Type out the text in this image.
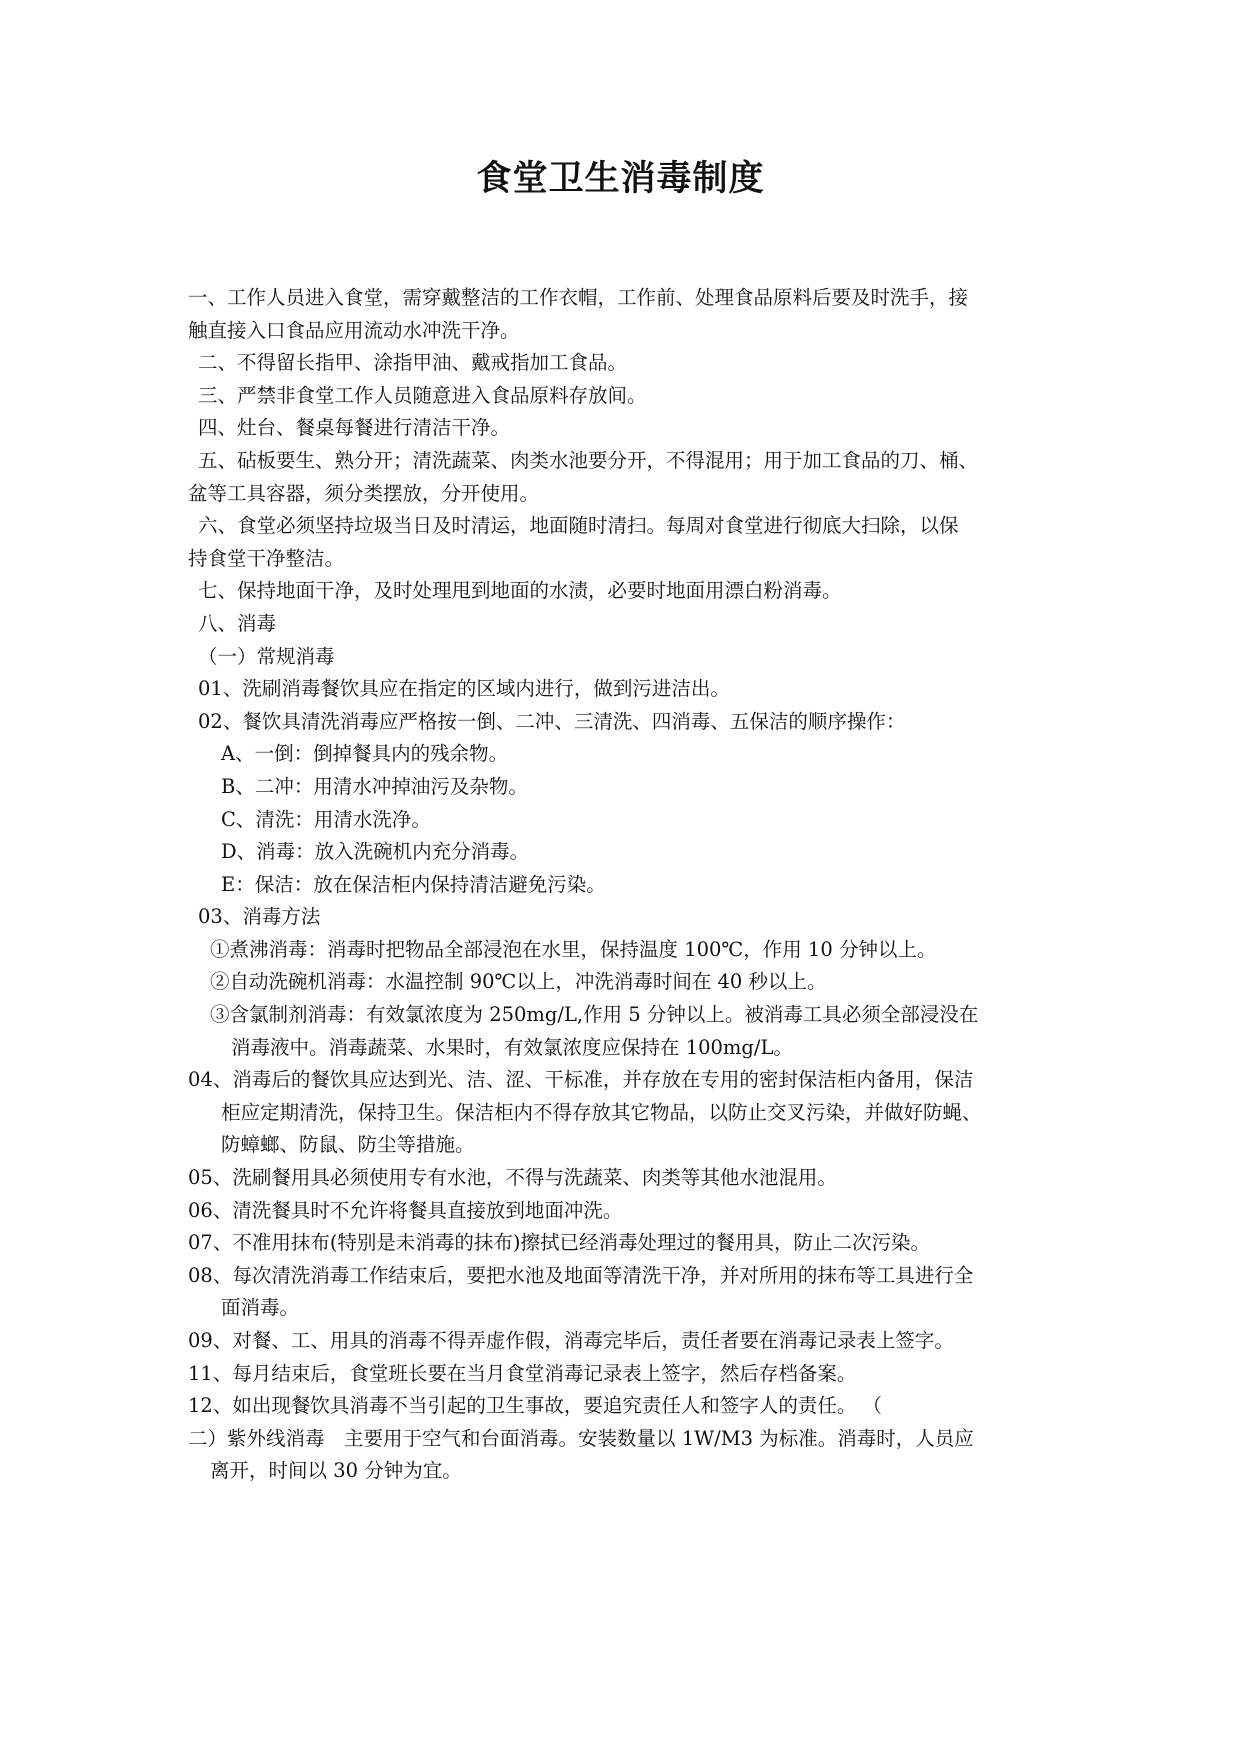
食堂卫生消毒制度
一、工作人员进入食堂，需穿戴整洁的工作衣帽，工作前、处理食品原料后要及时洗手，接
触直接入口食品应用流动水冲洗干净。
二、不得留长指甲、涂指甲油、戴戒指加工食品。
三、严禁非食堂工作人员随意进入食品原料存放间。
四、灶台、餐桌每餐进行清洁干净。
五、砧板要生、熟分开；清洗蔬菜、肉类水池要分开，不得混用；用于加工食品的刀、桶、
盆等工具容器，须分类摆放，分开使用。
六、食堂必须坚持垃圾当日及时清运，地面随时清扫。每周对食堂进行彻底大扫除，以保
持食堂干净整洁。
七、保持地面干净，及时处理甩到地面的水渍，必要时地面用漂白粉消毒。
八、消毒
（一）常规消毒
01、洗刷消毒餐饮具应在指定的区域内进行，做到污进洁出。
02、餐饮具清洗消毒应严格按一倒、二冲、三清洗、四消毒、五保洁的顺序操作：
A、一倒：倒掉餐具内的残余物。
B、二冲：用清水冲掉油污及杂物。
C、清洗：用清水洗净。
D、消毒：放入洗碗机内充分消毒。
E：保洁：放在保洁柜内保持清洁避免污染。
03、消毒方法
①煮沸消毒：消毒时把物品全部浸泡在水里，保持温度 100℃，作用 10 分钟以上。
②自动洗碗机消毒：水温控制 90℃以上，冲洗消毒时间在 40 秒以上。
③含氯制剂消毒：有效氯浓度为 250mg/L,作用 5 分钟以上。被消毒工具必须全部浸没在
消毒液中。消毒蔬菜、水果时，有效氯浓度应保持在 100mg/L。
04、消毒后的餐饮具应达到光、洁、涩、干标准，并存放在专用的密封保洁柜内备用，保洁
柜应定期清洗，保持卫生。保洁柜内不得存放其它物品，以防止交叉污染，并做好防蝇、
防蟑螂、防鼠、防尘等措施。
05、洗刷餐用具必须使用专有水池，不得与洗蔬菜、肉类等其他水池混用。
06、清洗餐具时不允许将餐具直接放到地面冲洗。
07、不准用抹布(特别是未消毒的抹布)擦拭已经消毒处理过的餐用具，防止二次污染。
08、每次清洗消毒工作结束后，要把水池及地面等清洗干净，并对所用的抹布等工具进行全
面消毒。
09、对餐、工、用具的消毒不得弄虚作假，消毒完毕后，责任者要在消毒记录表上签字。
11、每月结束后，食堂班长要在当月食堂消毒记录表上签字，然后存档备案。
12、如出现餐饮具消毒不当引起的卫生事故，要追究责任人和签字人的责任。 （
二）紫外线消毒　主要用于空气和台面消毒。安装数量以 1W/M3 为标准。消毒时，人员应
离开，时间以 30 分钟为宜。
